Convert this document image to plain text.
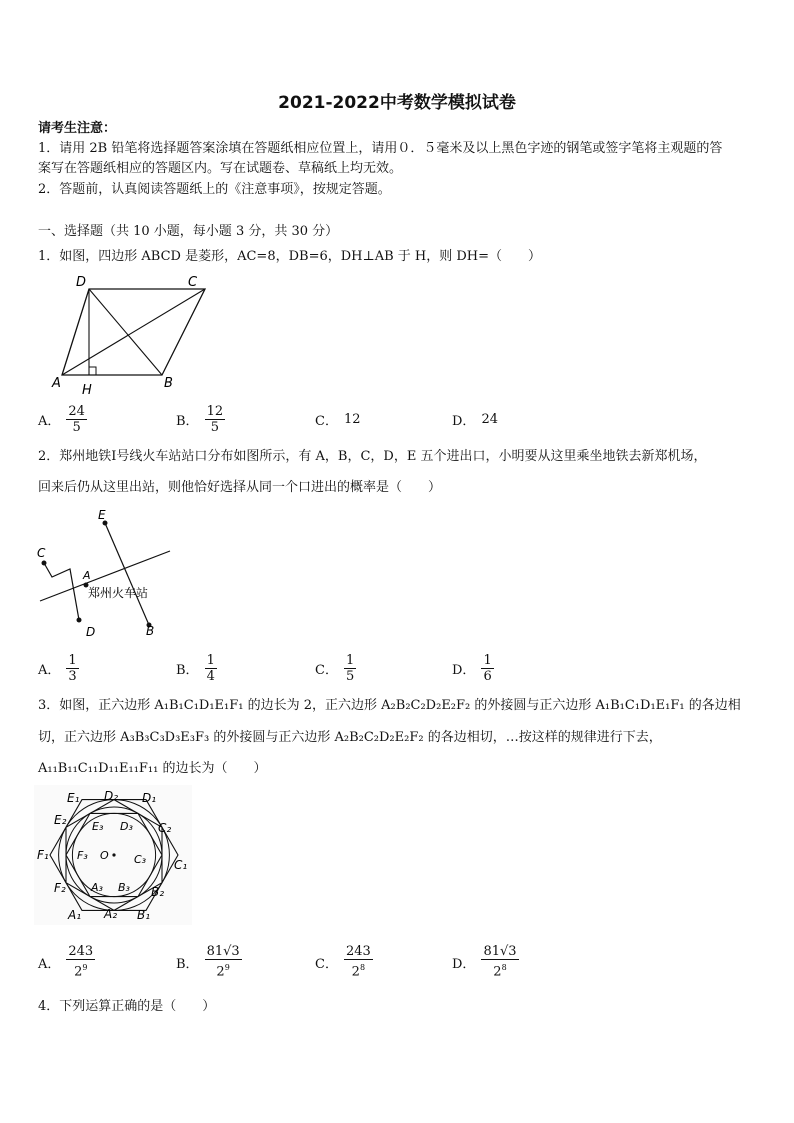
2021-2022中考数学模拟试卷
请考生注意：
1．请用 2B 铅笔将选择题答案涂填在答题纸相应位置上，请用０．５毫米及以上黑色字迹的钢笔或签字笔将主观题的答
案写在答题纸相应的答题区内。写在试题卷、草稿纸上均无效。
2．答题前，认真阅读答题纸上的《注意事项》，按规定答题。
一、选择题（共 10 小题，每小题 3 分，共 30 分）
1．如图，四边形 ABCD 是菱形，AC=8，DB=6，DH⊥AB 于 H，则 DH=（　　）
A	B
C
D
H
A． $\frac{24}{5}$	B． $\frac{12}{5}$	C． 12	D． 24
2．郑州地铁Ⅰ号线火车站站口分布如图所示，有 A，B，C，D，E 五个进出口，小明要从这里乘坐地铁去新郑机场，
回来后仍从这里出站，则他恰好选择从同一个口进出的概率是（　　）
E
B
C
D
A
郑州火车站
A． $\frac{1}{3}$	B． $\frac{1}{4}$	C． $\frac{1}{5}$	D． $\frac{1}{6}$
3．如图，正六边形 A₁B₁C₁D₁E₁F₁ 的边长为 2，正六边形 A₂B₂C₂D₂E₂F₂ 的外接圆与正六边形 A₁B₁C₁D₁E₁F₁ 的各边相
切，正六边形 A₃B₃C₃D₃E₃F₃ 的外接圆与正六边形 A₂B₂C₂D₂E₂F₂ 的各边相切，…按这样的规律进行下去，
A₁₁B₁₁C₁₁D₁₁E₁₁F₁₁ 的边长为（　　）
O
A₁	B₁
C₁
D₁
E₁
F₁
A₂
B₂
C₂
D₂
E₂
F₂ A₃ B₃
C₃
D₃
E₃
F₃
A． $\frac{243}{2^9}$	B． $\frac{81√3}{2^9}$	C． $\frac{243}{2^8}$	D． $\frac{81√3}{2^8}$
4．下列运算正确的是（　　）
